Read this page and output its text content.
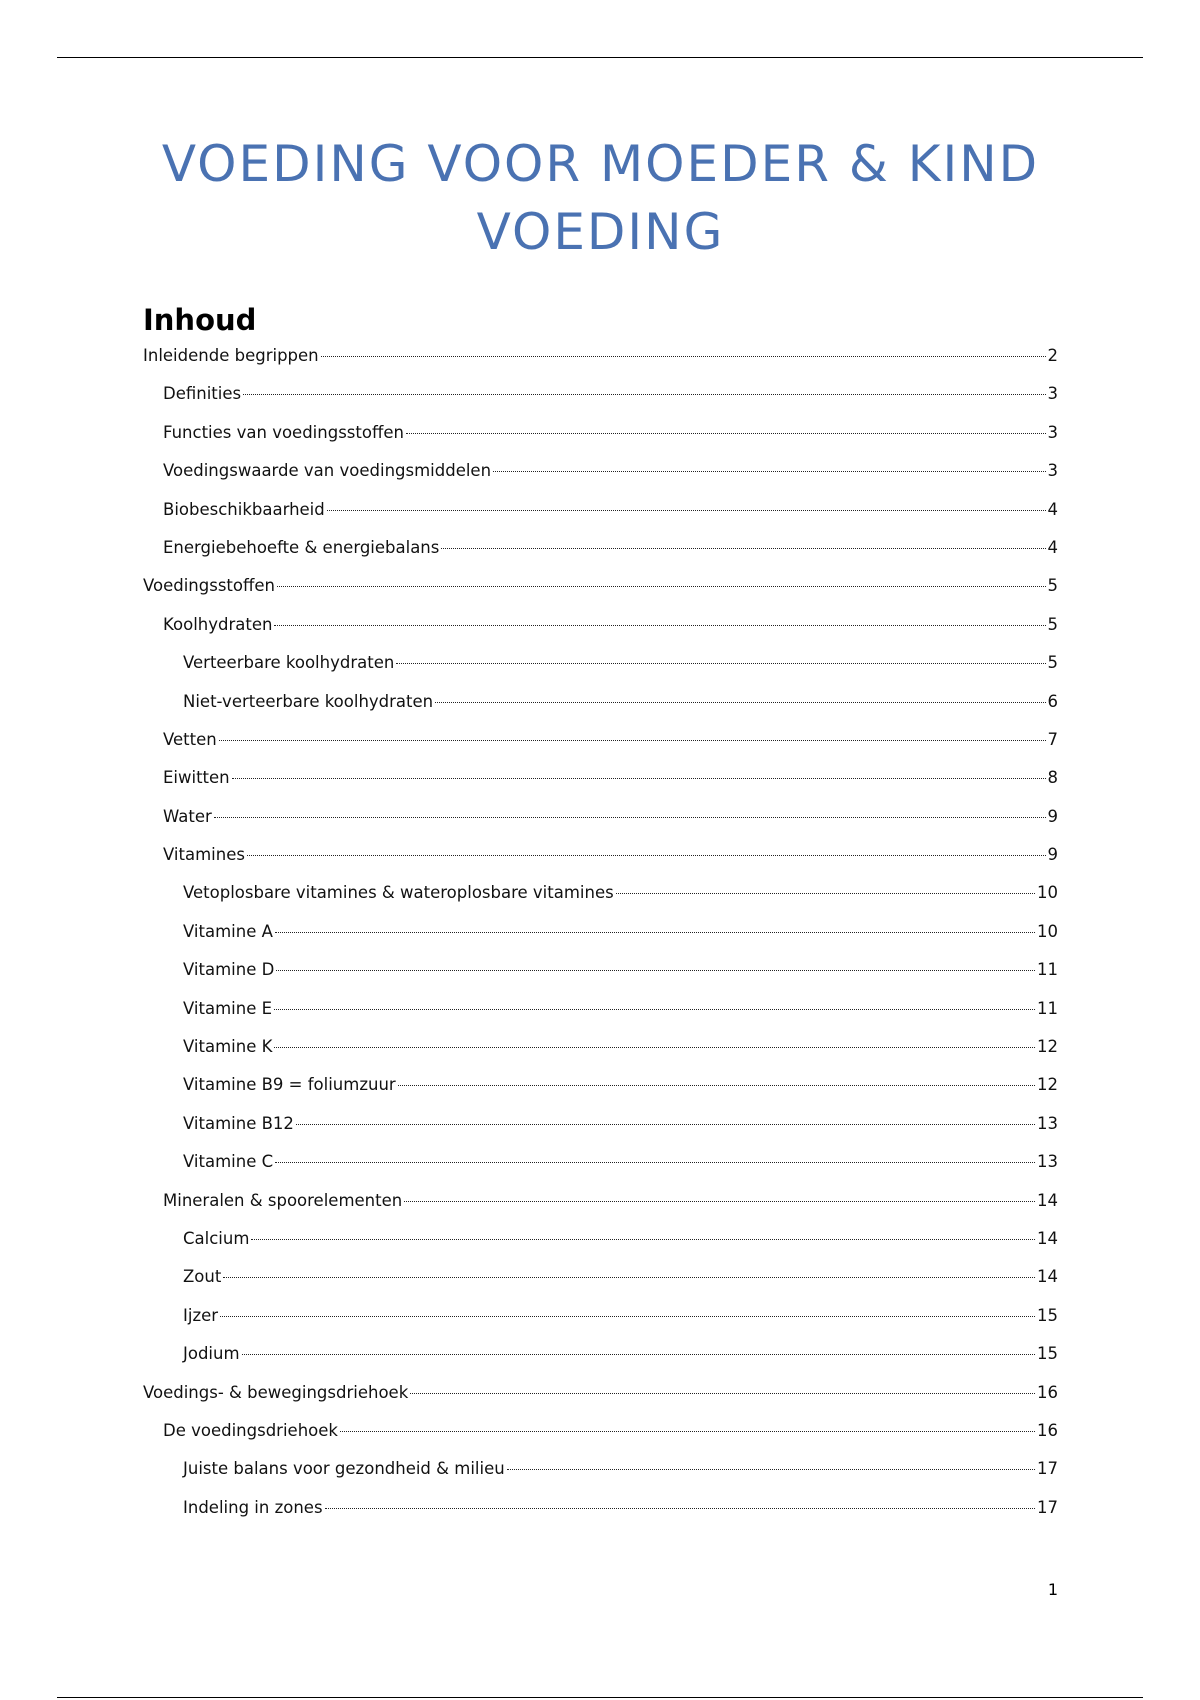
VOEDING VOOR MOEDER & KIND
VOEDING
Inhoud
Inleidende begrippen	2
Definities	3
Functies van voedingsstoffen	3
Voedingswaarde van voedingsmiddelen	3
Biobeschikbaarheid	4
Energiebehoefte & energiebalans	4
Voedingsstoffen	5
Koolhydraten	5
Verteerbare koolhydraten	5
Niet-verteerbare koolhydraten	6
Vetten	7
Eiwitten	8
Water	9
Vitamines	9
Vetoplosbare vitamines & wateroplosbare vitamines	10
Vitamine A	10
Vitamine D	11
Vitamine E	11
Vitamine K	12
Vitamine B9 = foliumzuur	12
Vitamine B12	13
Vitamine C	13
Mineralen & spoorelementen	14
Calcium	14
Zout	14
Ijzer	15
Jodium	15
Voedings- & bewegingsdriehoek	16
De voedingsdriehoek	16
Juiste balans voor gezondheid & milieu	17
Indeling in zones	17
1
